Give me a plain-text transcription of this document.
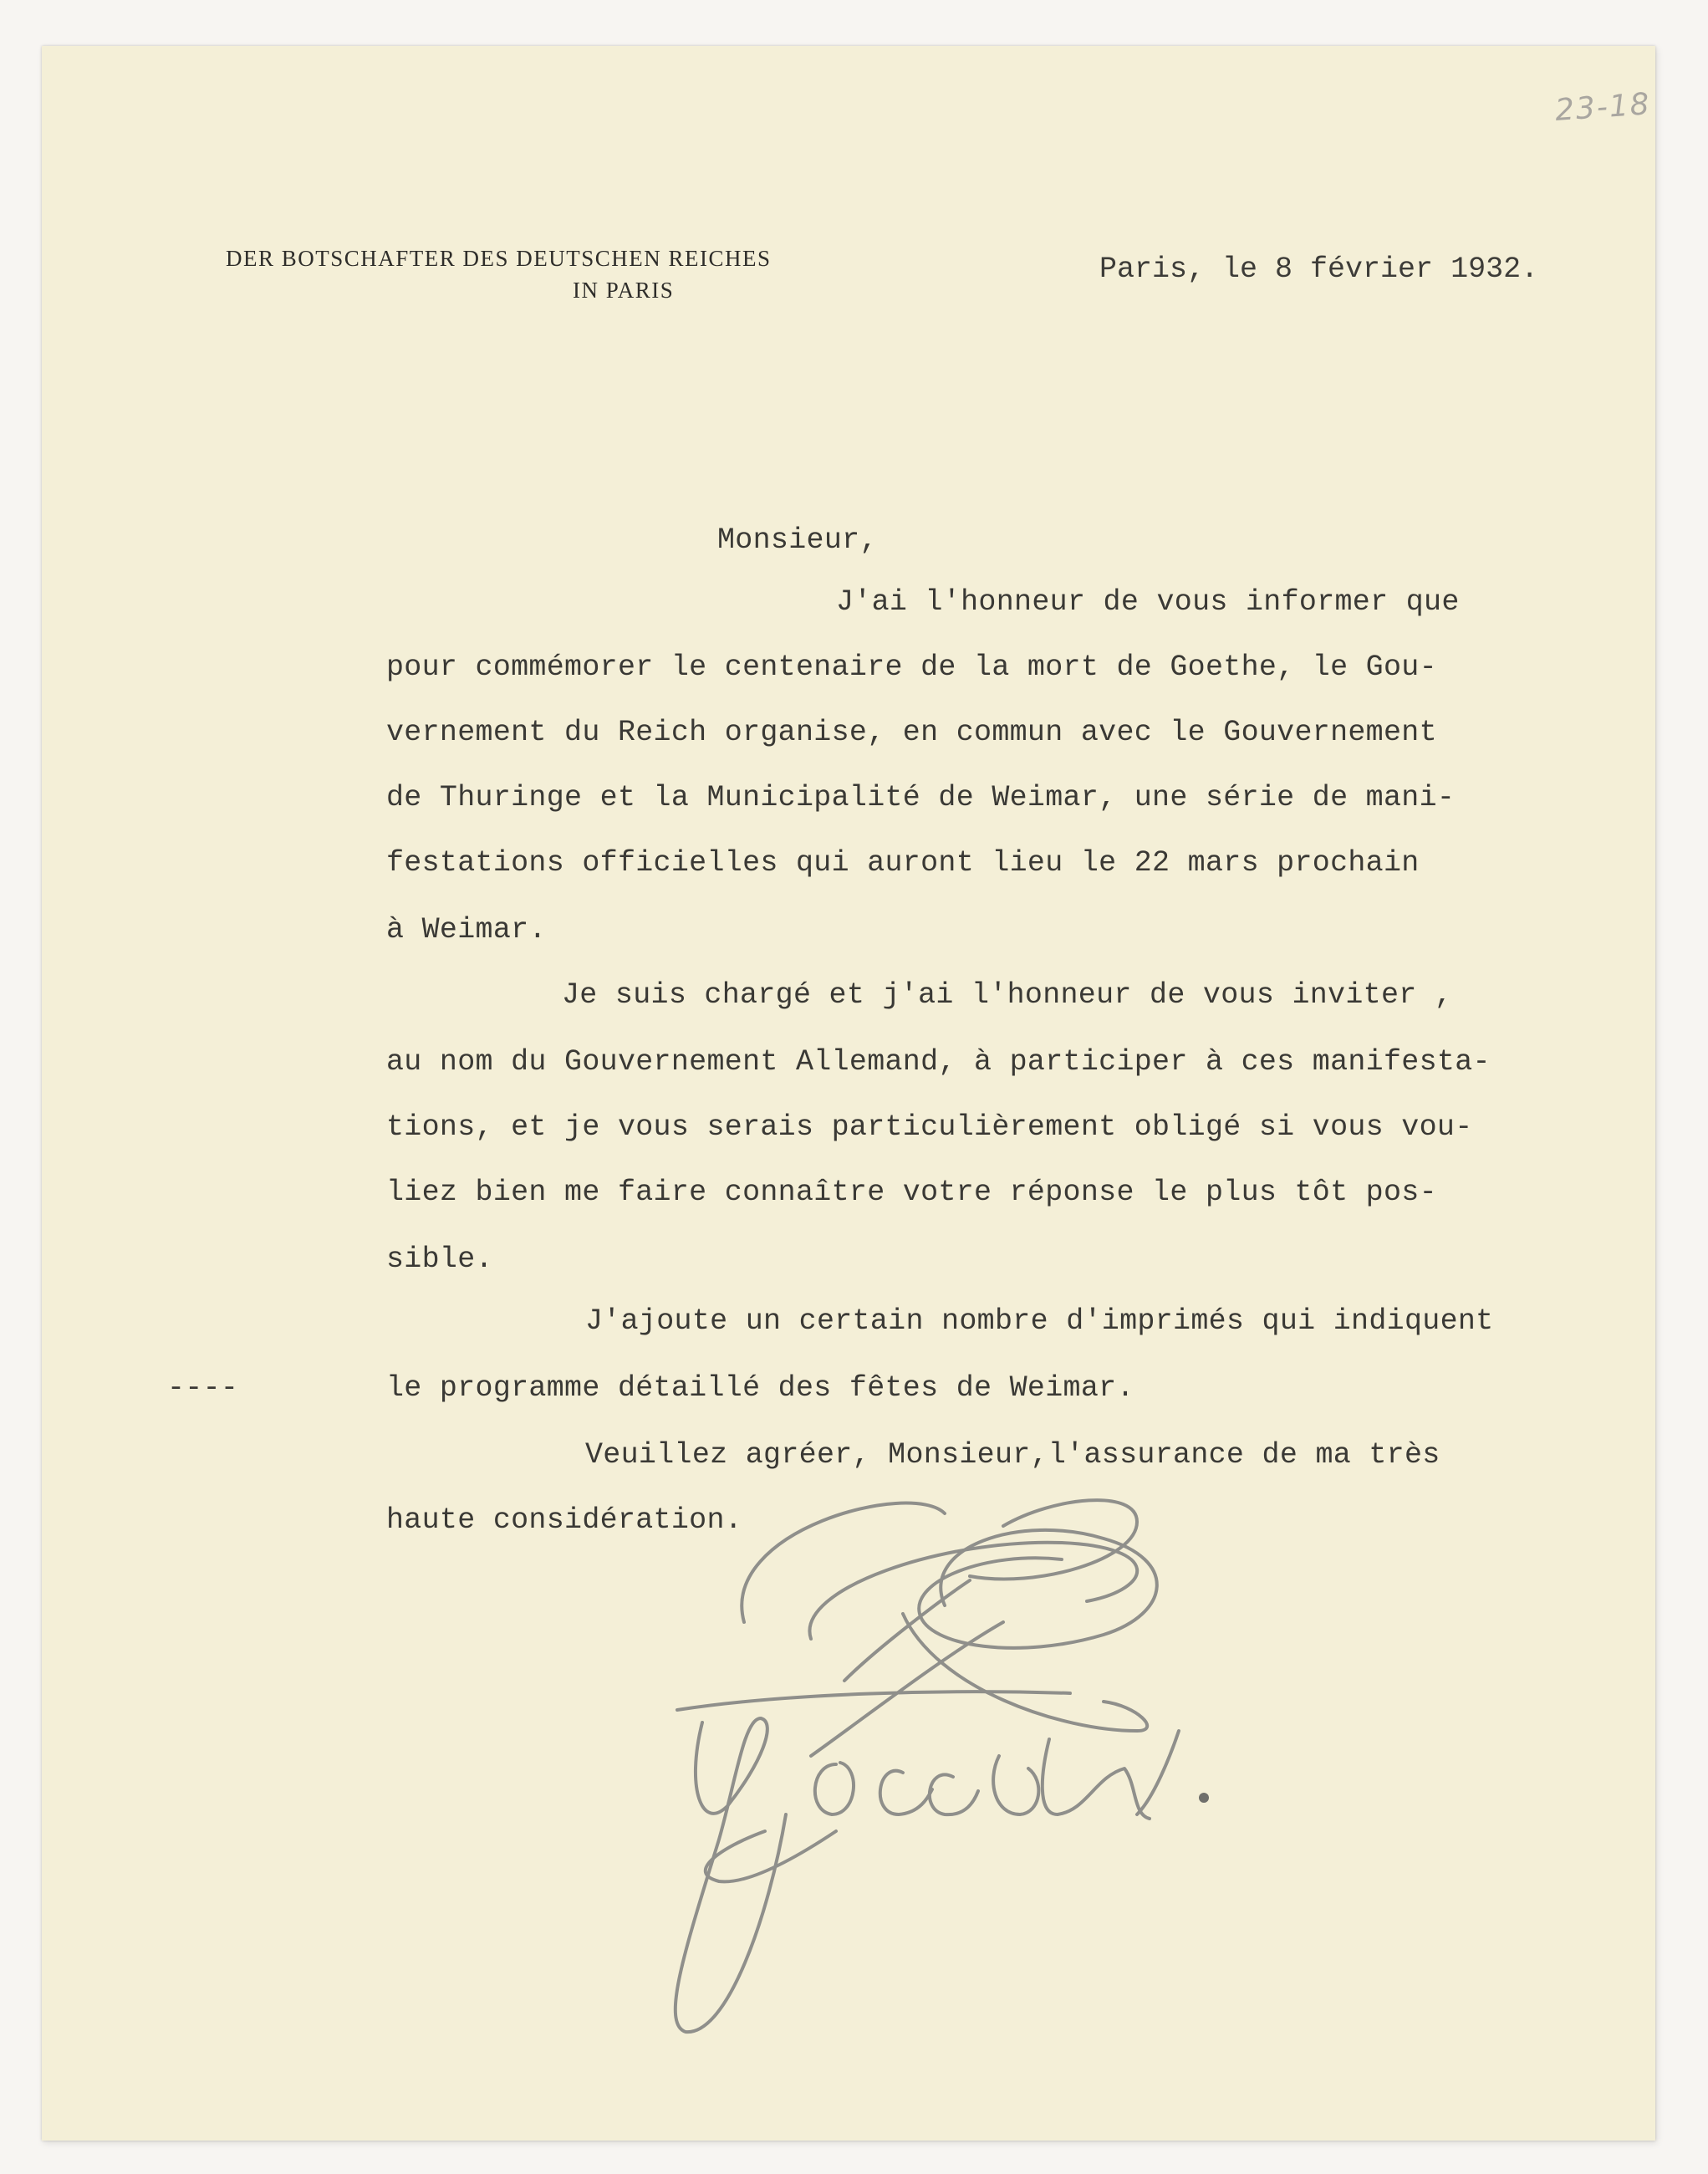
23-18
DER BOTSCHAFTER DES DEUTSCHEN REICHES
IN PARIS
Paris, le 8 février 1932.
Monsieur,
J'ai l'honneur de vous informer que
pour commémorer le centenaire de la mort de Goethe, le Gou-
vernement du Reich organise, en commun avec le Gouvernement
de Thuringe et la Municipalité de Weimar, une série de mani-
festations officielles qui auront lieu le 22 mars prochain
à Weimar.
Je suis chargé et j'ai l'honneur de vous inviter ,
au nom du Gouvernement Allemand, à participer à ces manifesta-
tions, et je vous serais particulièrement obligé si vous vou-
liez bien me faire connaître votre réponse le plus tôt pos-
sible.
J'ajoute un certain nombre d'imprimés qui indiquent
----	le programme détaillé des fêtes de Weimar.
Veuillez agréer, Monsieur,l'assurance de ma très
haute considération.
